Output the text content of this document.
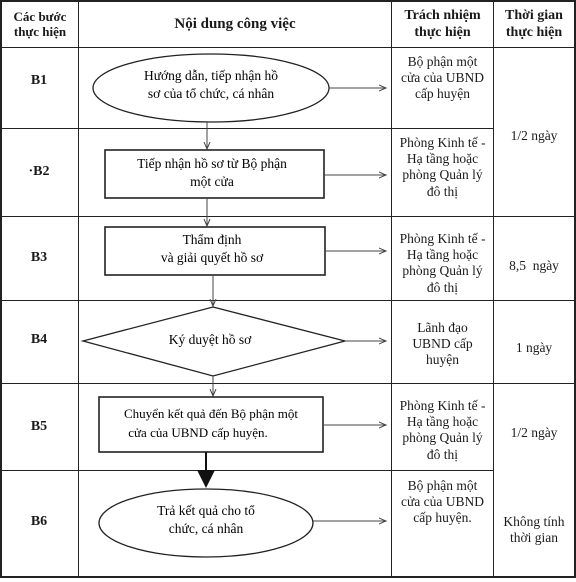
Các bước
thực hiện	Nội dung công việc	Trách nhiệm
thực hiện
Thời gian
thực hiện
B1
·B2
B3
B4
B5
B6
Bộ phận một
cửa của UBND
cấp huyện
Phòng Kinh tế -
Hạ tầng hoặc
phòng Quản lý
đô thị
Phòng Kinh tế -
Hạ tầng hoặc
phòng Quản lý
đô thị
Lãnh đạo
UBND cấp
huyện
Phòng Kinh tế -
Hạ tầng hoặc
phòng Quản lý
đô thị
Bộ phận một
cửa của UBND
cấp huyện.
1/2 ngày
8,5  ngày
1 ngày
1/2 ngày
Không tính
thời gian
Hướng dẫn, tiếp nhận hồ
sơ của tổ chức, cá nhân
Tiếp nhận hồ sơ từ Bộ phận
một cửa
Thẩm định
và giải quyết hồ sơ
Ký duyệt hồ sơ
Chuyển kết quả đến Bộ phận một
cửa của UBND cấp huyện.
Trả kết quả cho tổ
chức, cá nhân
